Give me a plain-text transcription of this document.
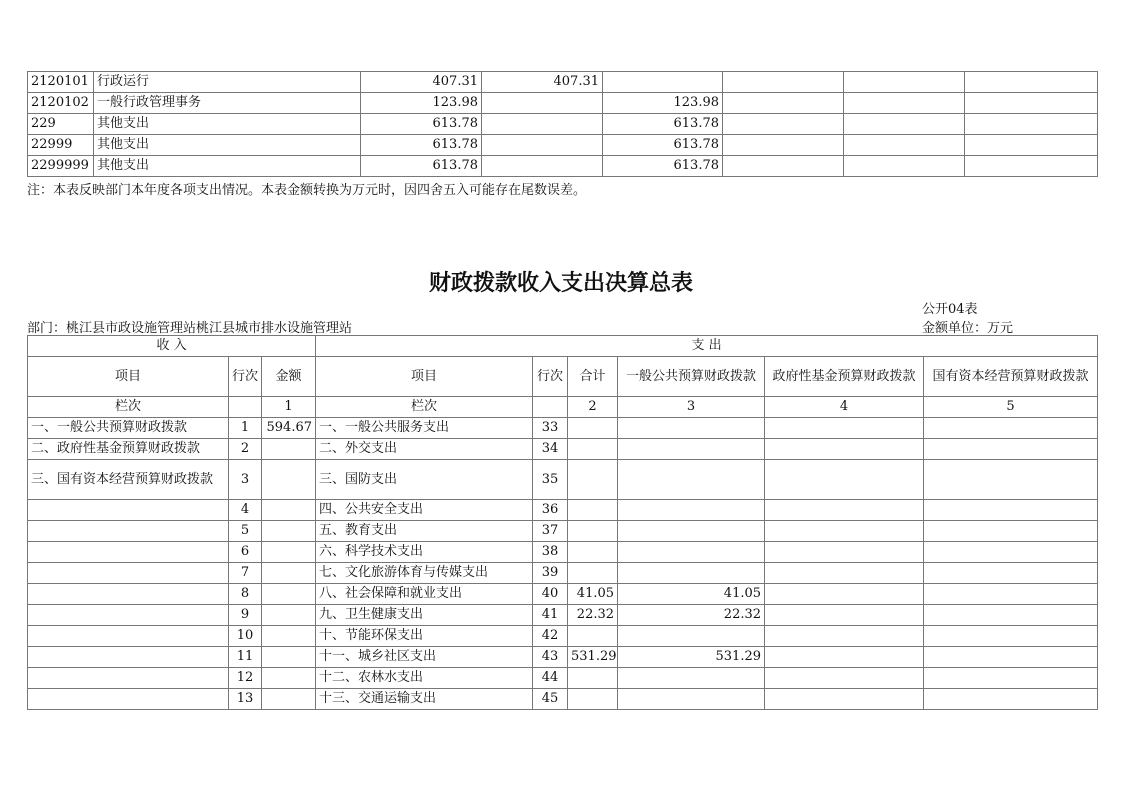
2120101	行政运行	407.31	407.31				
2120102	一般行政管理事务	123.98		123.98			
229	其他支出	613.78		613.78			
22999	其他支出	613.78		613.78			
2299999	其他支出	613.78		613.78			
注：本表反映部门本年度各项支出情况。本表金额转换为万元时，因四舍五入可能存在尾数误差。
财政拨款收入支出决算总表
公开04表
金额单位：万元
部门：桃江县市政设施管理站桃江县城市排水设施管理站
收 入			支 出					
项目	行次	金额	项目	行次	合计	一般公共预算财政拨款	政府性基金预算财政拨款	国有资本经营预算财政拨款
栏次		1	栏次		2	3	4	5
一、一般公共预算财政拨款	1	594.67	一、一般公共服务支出	33				
二、政府性基金预算财政拨款	2		二、外交支出	34				
三、国有资本经营预算财政拨款	3		三、国防支出	35				
	4		四、公共安全支出	36				
	5		五、教育支出	37				
	6		六、科学技术支出	38				
	7		七、文化旅游体育与传媒支出	39				
	8		八、社会保障和就业支出	40	41.05	41.05		
	9		九、卫生健康支出	41	22.32	22.32		
	10		十、节能环保支出	42				
	11		十一、城乡社区支出	43	531.29	531.29		
	12		十二、农林水支出	44				
	13		十三、交通运输支出	45				
